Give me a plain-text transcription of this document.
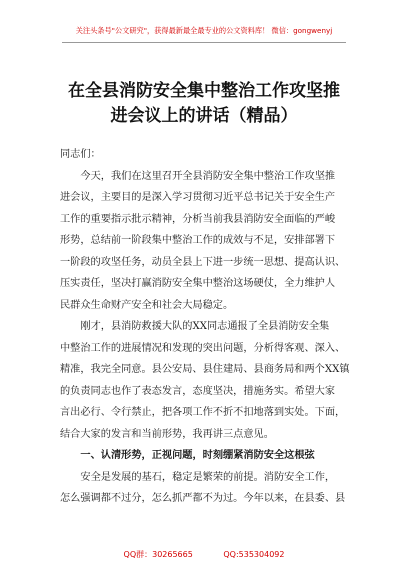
关注头条号"公文研究"，获得最新最全最专业的公文资料库！ 微信：gongwenyj
在全县消防安全集中整治工作攻坚推
进会议上的讲话（精品）

同志们：

今天，我们在这里召开全县消防安全集中整治工作攻坚推
进会议，主要目的是深入学习贯彻习近平总书记关于安全生产
工作的重要指示批示精神，分析当前我县消防安全面临的严峻
形势，总结前一阶段集中整治工作的成效与不足，安排部署下
一阶段的攻坚任务，动员全县上下进一步统一思想、提高认识、
压实责任，坚决打赢消防安全集中整治这场硬仗，全力维护人
民群众生命财产安全和社会大局稳定。

刚才，县消防救援大队的XX同志通报了全县消防安全集
中整治工作的进展情况和发现的突出问题，分析得客观、深入、
精准，我完全同意。县公安局、县住建局、县商务局和两个XX镇
的负责同志也作了表态发言，态度坚决，措施务实。希望大家
言出必行、令行禁止，把各项工作不折不扣地落到实处。下面，
结合大家的发言和当前形势，我再讲三点意见。

一、认清形势，正视问题，时刻绷紧消防安全这根弦

安全是发展的基石，稳定是繁荣的前提。消防安全工作，
怎么强调都不过分，怎么抓严都不为过。今年以来，在县委、县

QQ群：30265665	QQ:535304092
